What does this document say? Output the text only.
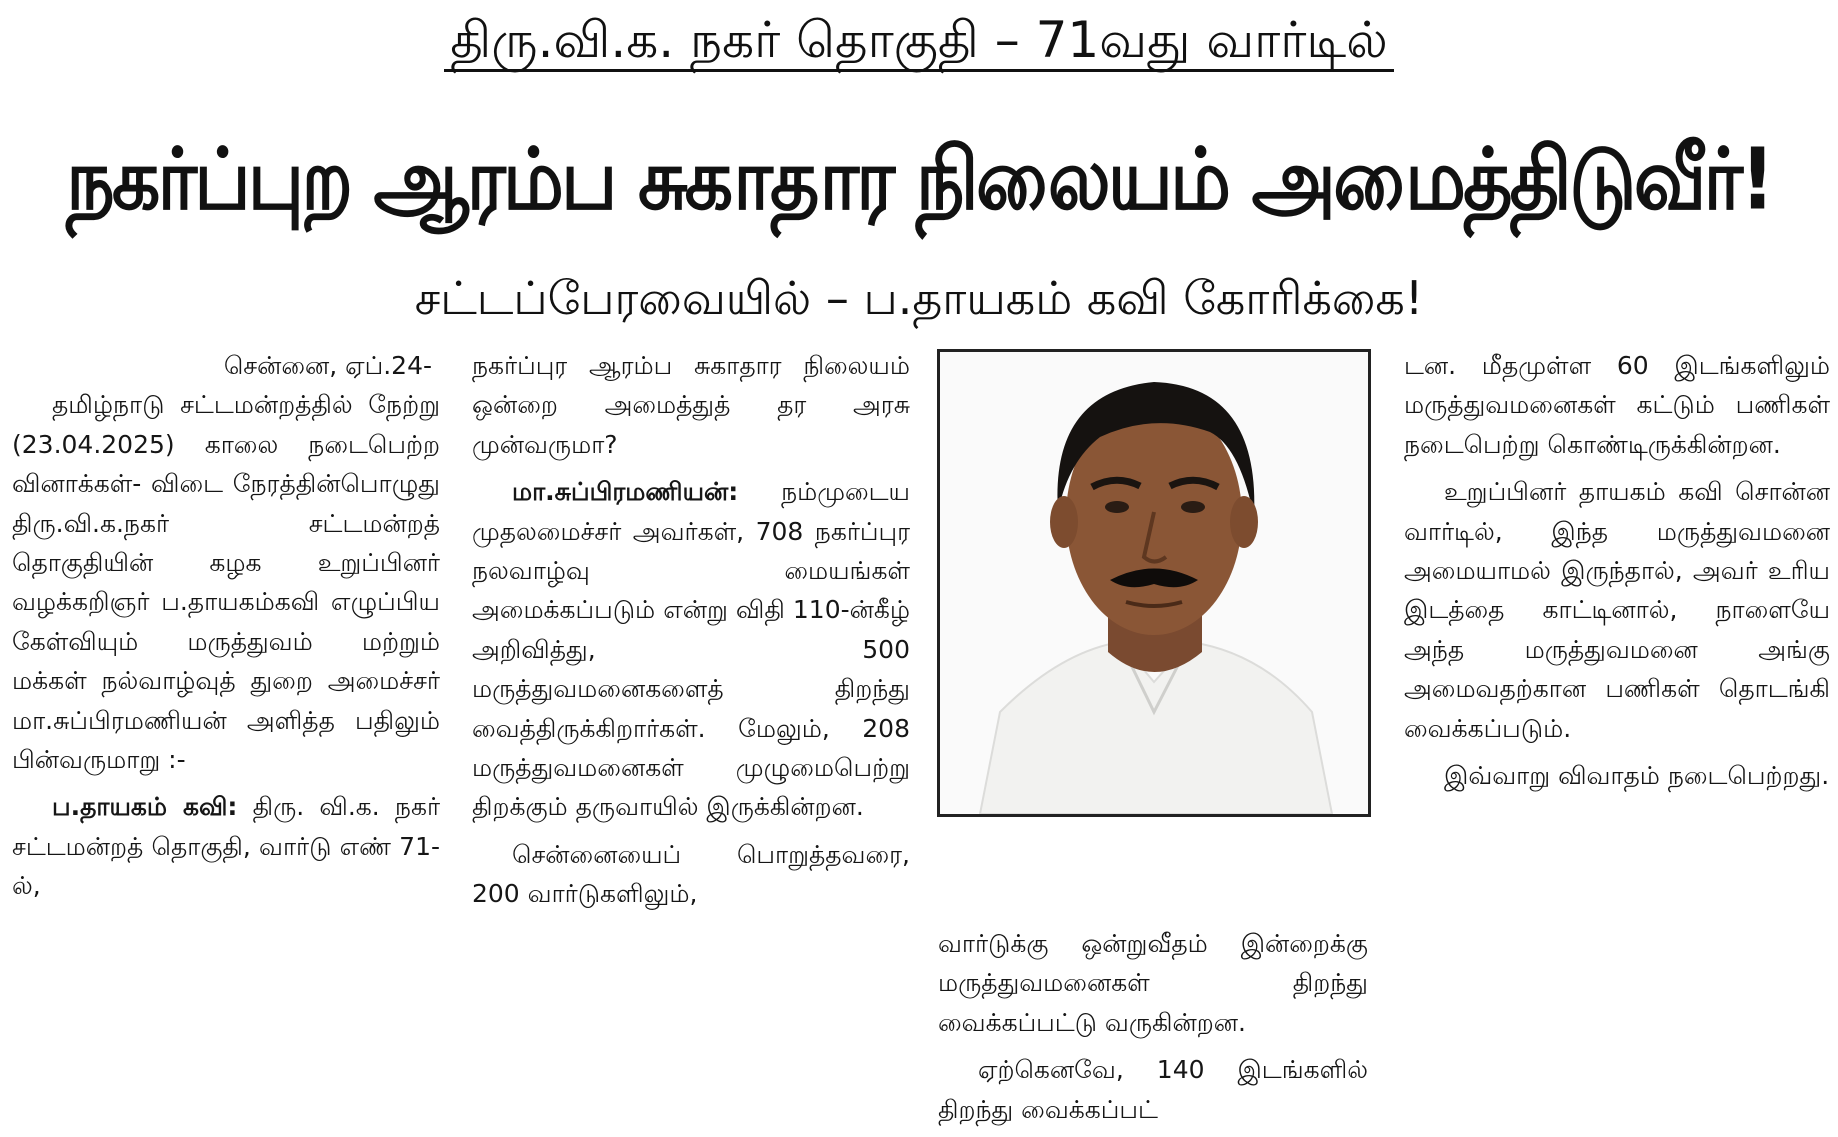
திரு.வி.க. நகர் தொகுதி – 71வது வார்டில்
நகர்ப்புற ஆரம்ப சுகாதார நிலையம் அமைத்திடுவீர்!
சட்டப்பேரவையில் – ப.தாயகம் கவி கோரிக்கை!
சென்னை, ஏப்.24-

தமிழ்நாடு சட்டமன்றத்தில் நேற்று (23.04.2025) காலை நடைபெற்ற வினாக்கள்- விடை நேரத்தின்பொழுது திரு.வி.க.நகர் சட்டமன்றத் தொகுதியின் கழக உறுப்பினர் வழக்கறிஞர் ப.தாயகம்கவி எழுப்பிய கேள்வியும் மருத்துவம் மற்றும் மக்கள் நல்வாழ்வுத் துறை அமைச்சர் மா.சுப்பிரமணியன் அளித்த பதிலும் பின்வருமாறு :-

ப.தாயகம் கவி: திரு. வி.க. நகர் சட்டமன்றத் தொகுதி, வார்டு எண் 71-ல்,

நகர்ப்புர ஆரம்ப சுகாதார நிலையம் ஒன்றை அமைத்துத் தர அரசு முன்வருமா?

மா.சுப்பிரமணியன்: நம்முடைய முதலமைச்சர் அவர்கள், 708 நகர்ப்புர நலவாழ்வு மையங்கள் அமைக்கப்படும் என்று விதி 110-ன்கீழ் அறிவித்து, 500 மருத்துவமனைகளைத் திறந்து வைத்திருக்கிறார்கள். மேலும், 208 மருத்துவமனைகள் முழுமைபெற்று திறக்கும் தருவாயில் இருக்கின்றன.

சென்னையைப் பொறுத்தவரை, 200 வார்டுகளிலும்,

வார்டுக்கு ஒன்றுவீதம் இன்றைக்கு மருத்துவமனைகள் திறந்து வைக்கப்பட்டு வருகின்றன.

ஏற்கெனவே, 140 இடங்களில் திறந்து வைக்கப்பட்

டன. மீதமுள்ள 60 இடங்களிலும் மருத்துவமனைகள் கட்டும் பணிகள் நடைபெற்று கொண்டிருக்கின்றன.

உறுப்பினர் தாயகம் கவி சொன்ன வார்டில், இந்த மருத்துவமனை அமையாமல் இருந்தால், அவர் உரிய இடத்தை காட்டினால், நாளையே அந்த மருத்துவமனை அங்கு அமைவதற்கான பணிகள் தொடங்கி வைக்கப்படும்.

இவ்வாறு விவாதம் நடைபெற்றது.
